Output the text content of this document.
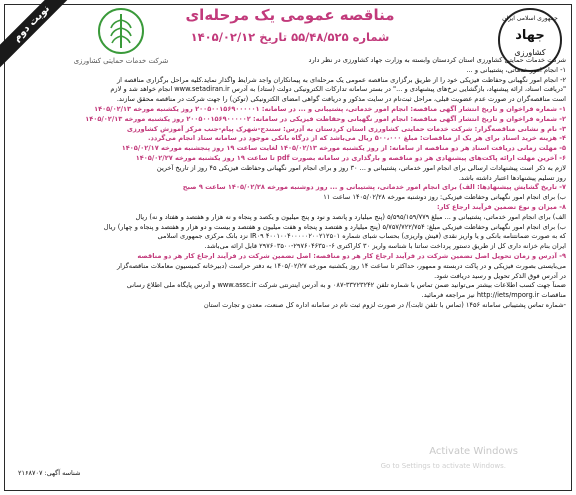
نوبت دوم
شرکت خدمات حمایتی کشاورزی
جمهوری اسلامی ایران
جهاد
کشاورزی
مناقصه عمومی یک مرحله‌ای
شماره ۵۵/۴۸/۵۲۵ تاریخ ۱۴۰۵/۰۲/۱۲
شرکت خدمات حمایتی کشاورزی استان کردستان وابسته به وزارت جهاد کشاورزی در نظر دارد
۱- انجام امور خدماتی، پشتیبانی و ...
۲- انجام امور نگهبانی وحفاظت فیزیکی خود را از طریق برگزاری مناقصه عمومی یک مرحله‌ای به پیمانکاران واجد شرایط واگذار نماید.کلیه مراحل برگزاری مناقصه از
"دریافت اسناد، ارائه پیشنهاد، بازگشایی نرخ‌های پیشنهادی و ..." در بستر سامانه تدارکات الکترونیکی دولت (ستاد) به آدرس www.setadiran.ir انجام خواهد شد و لازم
است مناقصه‌گران در صورت عدم عضویت قبلی، مراحل ثبت‌نام در سایت مذکور و دریافت گواهی امضای الکترونیکی (توکن) را جهت شرکت در مناقصه محقق سازند.
۱- شماره فراخوان و تاریخ انتشار آگهی مناقصه: انجام امور خدماتی، پشتیبانی و ... در سامانه: ۲۰۰۵۰۰۱۵۶۹۰۰۰۰۰۱ روز یکشنبه مورخه ۱۴۰۵/۰۲/۱۳
۲- شماره فراخوان و تاریخ انتشار آگهی مناقصه: انجام امور نگهبانی وحفاظت فیزیکی در سامانه: ۲۰۰۵۰۰۱۵۶۹۰۰۰۰۰۲ روز یکشنبه مورخه ۱۴۰۵/۰۲/۱۳
۳- نام و نشانی مناقصه‌گزار: شرکت خدمات حمایتی کشاورزی استان کردستان به آدرس: سنندج-شهرک پیام-جنب مرکز آموزش کشاورزی
۴- هزینه خرید اسناد برای هر یک از مناقصات: مبلغ ۵۰۰،۰۰۰ ریال می‌باشد که از درگاه بانکی موجود در سامانه ستاد انجام می‌گردد.
۵- مهلت زمانی دریافت اسناد هر دو مناقصه از سامانه: از روز یکشنبه مورخه ۱۴۰۵/۰۲/۱۳ لغایت ساعت ۱۹ روز پنجشنبه مورخه ۱۴۰۵/۰۲/۱۷
۶- آخرین مهلت ارائه پاکت‌های پیشنهادی هر دو مناقصه و بارگذاری در سامانه بصورت pdf تا ساعت ۱۹ روز یکشنبه مورخه ۱۴۰۵/۰۲/۲۷
لازم به ذکر است پیشنهادات ارسالی برای انجام امور خدماتی، پشتیبانی و ... ۳۰ روز و برای انجام امور نگهبانی وحفاظت فیزیکی ۴۵ روز از تاریخ آخرین
روز تسلیم پیشنهادها اعتبار داشته باشد.
۷- تاریخ گشایش پیشنهادها: الف) برای انجام امور خدماتی، پشتیبانی و ... روز دوشنبه مورخه ۱۴۰۵/۰۲/۲۸ ساعت ۹ صبح
ب) برای انجام امور نگهبانی وحفاظت فیزیکی: روز دوشنبه مورخه ۱۴۰۵/۰۲/۲۸ ساعت ۱۱
۸- میزان و نوع تضمین فرآیند ارجاع کار:
الف) برای انجام امور خدماتی، پشتیبانی و ... مبلغ ۵/۵۹۵/۱۵۹/۷۷۹ (پنج میلیارد و پانصد و نود و پنج میلیون و یکصد و پنجاه و نه هزار و هفتصد و هفتاد و نه) ریال
ب) برای انجام امور نگهبانی وحفاظت فیزیکی مبلغ: ۵/۷۵۷/۷۲۲/۷۵۴ (پنج میلیارد و هفتصد و پنجاه و هفت میلیون و هفتصد و بیست و دو هزار و هفتصد و پنجاه و چهار) ریال
که به صورت ضمانتنامه بانکی و یا واریز نقدی (فیش واریزی) بحساب شبای شماره ۴۰۰۱۰۰۴۰۰۰۰۰۲۰۰۲۱۲۵۰۱ IR۰۹ نزد بانک مرکزی جمهوری اسلامی
ایران بنام خزانه داری کل از طریق دستور پرداخت ساتنا با شناسه واریز ۳۰ کاراکتری ۶-۲۹۷۶۰۴۶۳۵۰-۲۹۷۶۰۳۵۰۰ قابل ارائه می‌باشد.
۹- آدرس و زمان تحویل اصل تضمین شرکت در فرآیند ارجاع کار هر دو مناقصه: اصل تضمین شرکت در فرآیند ارجاع کار هر دو مناقصه
می‌بایستی بصورت فیزیکی و در پاکت دربسته و ممهور، حداکثر تا ساعت ۱۴ روز یکشنبه مورخه ۱۴۰۵/۰۲/۲۷ به دفتر حراست (دبیرخانه کمیسیون معاملات مناقصه‌گزار
در آدرس فوق الذکر تحویل و رسید دریافت شود.
ضمناً جهت کسب اطلاعات بیشتر می‌توانید ضمن تماس با شماره تلفن ۳۳۲۲۳۲۴۲-۰۸۷ و به آدرس اینترنتی شرکت www.assc.ir و آدرس پایگاه ملی اطلاع رسانی
مناقصات http://iets/mporg.ir نیز مراجعه فرمائید.
-شماره تماس پشتیبانی سامانه ۱۴۵۶ (تماس با تلفن ثابت)/ در صورت لزوم ثبت نام در سامانه اداره کل صنعت، معدن و تجارت استان
Activate Windows
Go to Settings to activate Windows.
شناسه آگهی: ۲۱۶۸۷۰۷
